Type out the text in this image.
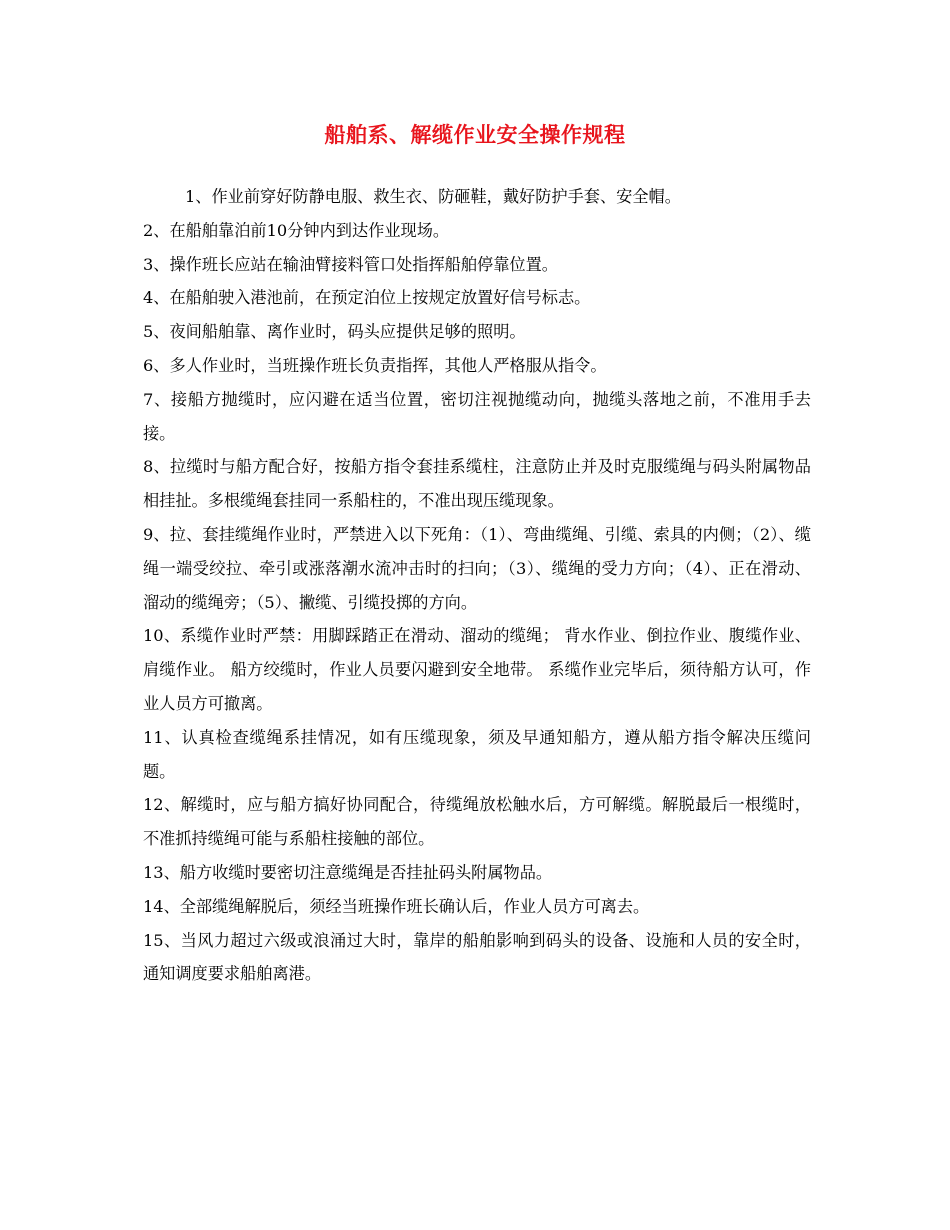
船舶系、解缆作业安全操作规程

1、作业前穿好防静电服、救生衣、防砸鞋，戴好防护手套、安全帽。

2、在船舶靠泊前10分钟内到达作业现场。

3、操作班长应站在输油臂接料管口处指挥船舶停靠位置。

4、在船舶驶入港池前，在预定泊位上按规定放置好信号标志。

5、夜间船舶靠、离作业时，码头应提供足够的照明。

6、多人作业时，当班操作班长负责指挥，其他人严格服从指令。

7、接船方抛缆时，应闪避在适当位置，密切注视抛缆动向，抛缆头落地之前，不准用手去接。

8、拉缆时与船方配合好，按船方指令套挂系缆柱，注意防止并及时克服缆绳与码头附属物品相挂扯。多根缆绳套挂同一系船柱的，不准出现压缆现象。

9、拉、套挂缆绳作业时，严禁进入以下死角：（1）、弯曲缆绳、引缆、索具的内侧；（2）、缆绳一端受绞拉、牵引或涨落潮水流冲击时的扫向；（3）、缆绳的受力方向；（4）、正在滑动、溜动的缆绳旁；（5）、撇缆、引缆投掷的方向。

10、系缆作业时严禁：用脚踩踏正在滑动、溜动的缆绳； 背水作业、倒拉作业、腹缆作业、肩缆作业。 船方绞缆时，作业人员要闪避到安全地带。 系缆作业完毕后，须待船方认可，作业人员方可撤离。

11、认真检查缆绳系挂情况，如有压缆现象，须及早通知船方，遵从船方指令解决压缆问题。

12、解缆时，应与船方搞好协同配合，待缆绳放松触水后，方可解缆。解脱最后一根缆时，不准抓持缆绳可能与系船柱接触的部位。

13、船方收缆时要密切注意缆绳是否挂扯码头附属物品。

14、全部缆绳解脱后，须经当班操作班长确认后，作业人员方可离去。

15、当风力超过六级或浪涌过大时，靠岸的船舶影响到码头的设备、设施和人员的安全时，通知调度要求船舶离港。
